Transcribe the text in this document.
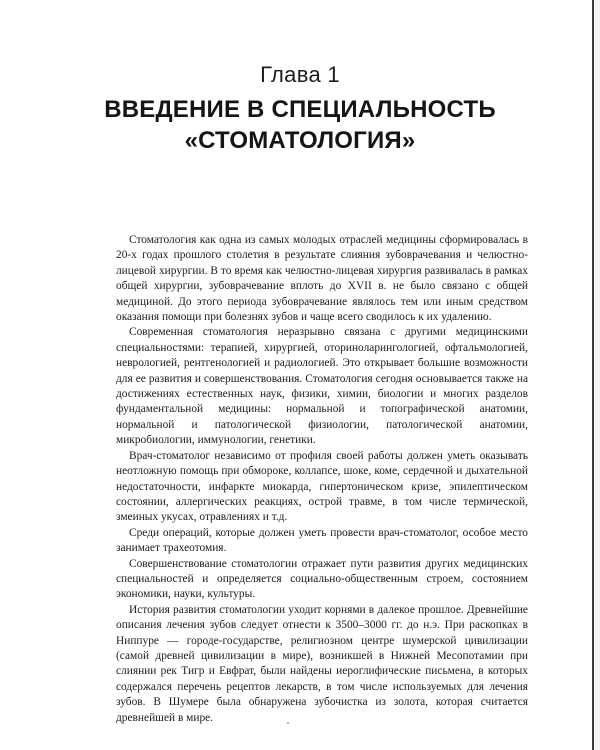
Глава 1
ВВЕДЕНИЕ В СПЕЦИАЛЬНОСТЬ
«СТОМАТОЛОГИЯ»

Стоматология как одна из самых молодых отраслей медицины сформировалась в 20-х годах прошлого столетия в результате слияния зубоврачевания и челюстно-лицевой хирургии. В то время как челюстно-лицевая хирургия развивалась в рамках общей хирургии, зубоврачевание вплоть до XVII в. не было связано с общей медициной. До этого периода зубоврачевание являлось тем или иным средством оказания помощи при болезнях зубов и чаще всего сводилось к их удалению.

Современная стоматология неразрывно связана с другими медицинскими специальностями: терапией, хирургией, оториноларингологией, офтальмологией, неврологией, рентгенологией и радиологией. Это открывает большие возможности для ее развития и совершенствования. Стоматология сегодня основывается также на достижениях естественных наук, физики, химии, биологии и многих разделов фундаментальной медицины: нормальной и топографической анатомии, нормальной и патологической физиологии, патологической анатомии, микробиологии, иммунологии, генетики.

Врач-стоматолог независимо от профиля своей работы должен уметь оказывать неотложную помощь при обмороке, коллапсе, шоке, коме, сердечной и дыхательной недостаточности, инфаркте миокарда, гипертоническом кризе, эпилептическом состоянии, аллергических реакциях, острой травме, в том числе термической, змеиных укусах, отравлениях и т.д.

Среди операций, которые должен уметь провести врач-стоматолог, особое место занимает трахеотомия.

Совершенствование стоматологии отражает пути развития других медицинских специальностей и определяется социально-общественным строем, состоянием экономики, науки, культуры.

История развития стоматологии уходит корнями в далекое прошлое. Древнейшие описания лечения зубов следует отнести к 3500–3000 гг. до н.э. При раскопках в Ниппуре — городе-государстве, религиозном центре шумерской цивилизации (самой древней цивилизации в мире), возникшей в Нижней Месопотамии при слиянии рек Тигр и Евфрат, были найдены иероглифические письмена, в которых содержался перечень рецептов лекарств, в том числе используемых для лечения зубов. В Шумере была обнаружена зубочистка из золота, которая считается древнейшей в мире.
